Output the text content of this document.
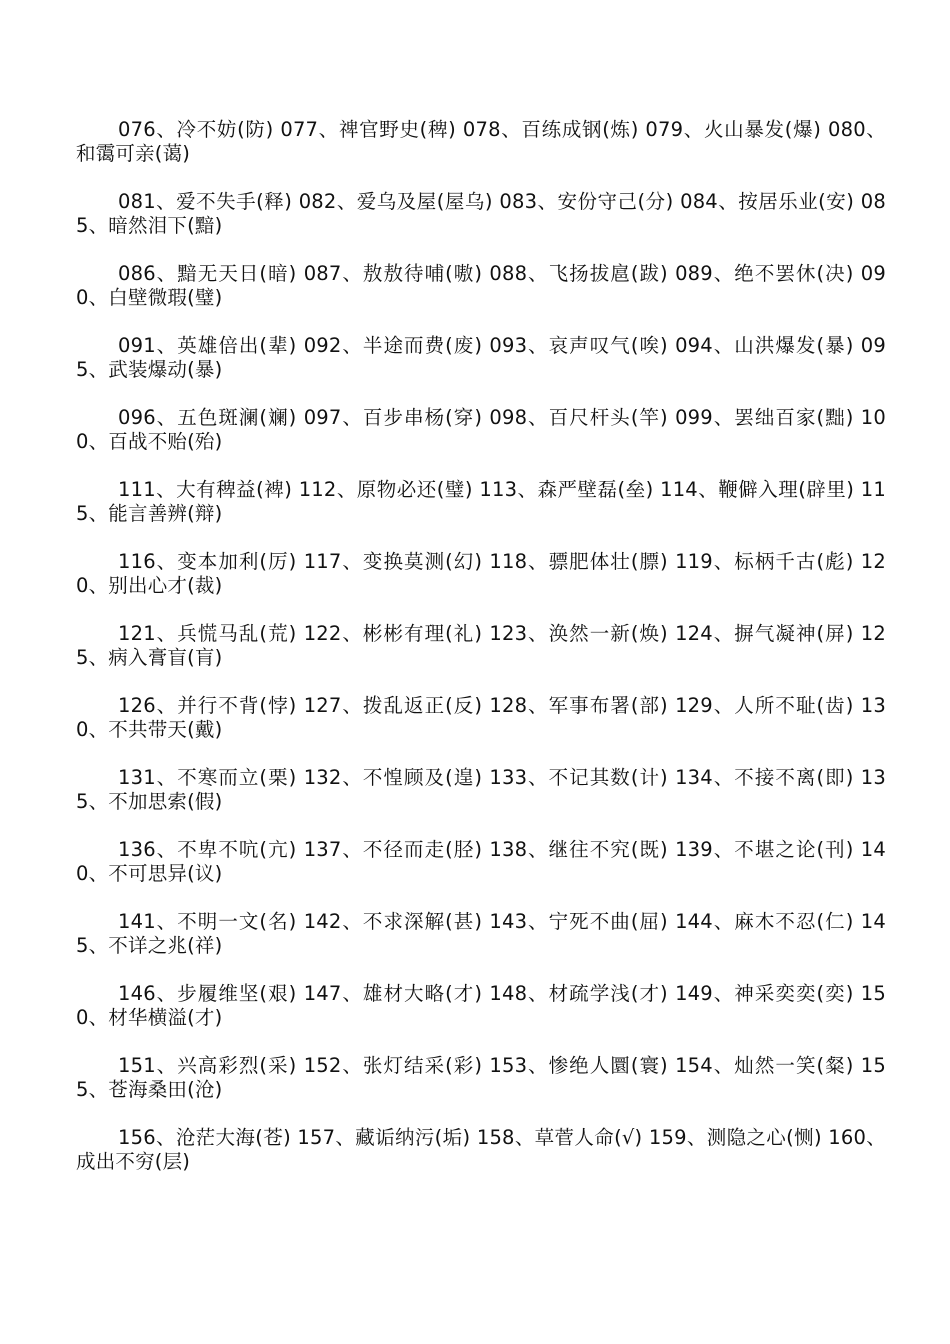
076、冷不妨(防) 077、禆官野史(稗) 078、百练成钢(炼) 079、火山暴发(爆) 080、和霭可亲(蔼)

081、爱不失手(释) 082、爱乌及屋(屋乌) 083、安份守己(分) 084、按居乐业(安) 085、暗然泪下(黯)

086、黯无天日(暗) 087、敖敖待哺(嗷) 088、飞扬拔扈(跋) 089、绝不罢休(决) 090、白壁微瑕(璧)

091、英雄倍出(辈) 092、半途而费(废) 093、哀声叹气(唉) 094、山洪爆发(暴) 095、武装爆动(暴)

096、五色斑澜(斓) 097、百步串杨(穿) 098、百尺杆头(竿) 099、罢绌百家(黜) 100、百战不贻(殆)

111、大有稗益(裨) 112、原物必还(璧) 113、森严壁磊(垒) 114、鞭僻入理(辟里) 115、能言善辨(辩)

116、变本加利(厉) 117、变换莫测(幻) 118、骠肥体壮(膘) 119、标柄千古(彪) 120、别出心才(裁)

121、兵慌马乱(荒) 122、彬彬有理(礼) 123、涣然一新(焕) 124、摒气凝神(屏) 125、病入膏盲(肓)

126、并行不背(悖) 127、拨乱返正(反) 128、军事布署(部) 129、人所不耻(齿) 130、不共带天(戴)

131、不寒而立(栗) 132、不惶顾及(遑) 133、不记其数(计) 134、不接不离(即) 135、不加思索(假)

136、不卑不吭(亢) 137、不径而走(胫) 138、继往不究(既) 139、不堪之论(刊) 140、不可思异(议)

141、不明一文(名) 142、不求深解(甚) 143、宁死不曲(屈) 144、麻木不忍(仁) 145、不详之兆(祥)

146、步履维坚(艰) 147、雄材大略(才) 148、材疏学浅(才) 149、神采奕奕(奕) 150、材华横溢(才)

151、兴高彩烈(采) 152、张灯结采(彩) 153、惨绝人圜(寰) 154、灿然一笑(粲) 155、苍海桑田(沧)

156、沧茫大海(苍) 157、藏诟纳污(垢) 158、草菅人命(√) 159、测隐之心(恻) 160、成出不穷(层)
